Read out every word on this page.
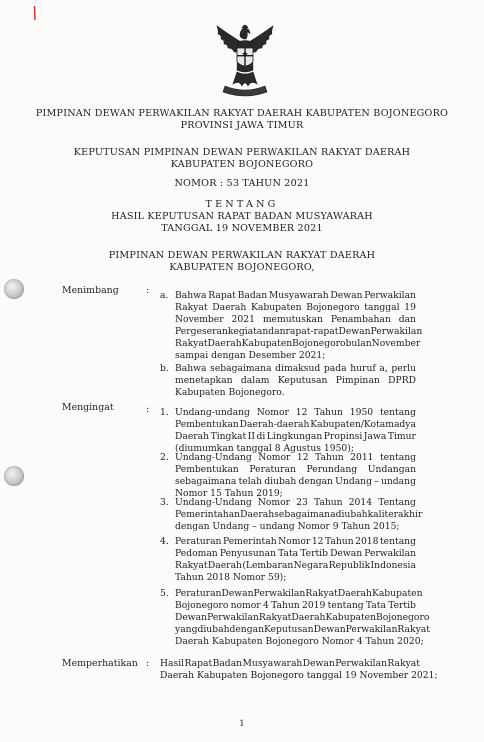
PIMPINAN DEWAN PERWAKILAN RAKYAT DAERAH KABUPATEN BOJONEGORO
PROVINSI JAWA TIMUR
KEPUTUSAN PIMPINAN DEWAN PERWAKILAN RAKYAT DAERAH
KABUPATEN BOJONEGORO
NOMOR : 53 TAHUN 2021
TENTANG
HASIL KEPUTUSAN RAPAT BADAN MUSYAWARAH
TANGGAL 19 NOVEMBER 2021
PIMPINAN DEWAN PERWAKILAN RAKYAT DAERAH
KABUPATEN BOJONEGORO,
Menimbang	: a. Bahwa Rapat Badan Musyawarah Dewan Perwakilan
Rakyat Daerah Kabupaten Bojonegoro tanggal 19
November 2021 memutuskan Penambahan dan
Pergeseran kegiatan dan rapat-rapat Dewan Perwakilan
Rakyat Daerah Kabupaten Bojonegoro bulan November
sampai dengan Desember 2021;
b. Bahwa sebagaimana dimaksud pada huruf a, perlu
menetapkan dalam Keputusan Pimpinan DPRD
Kabupaten Bojonegoro.
Mengingat	: 1. Undang-undang Nomor 12 Tahun 1950 tentang
Pembentukan Daerah-daerah Kabupaten/Kotamadya
Daerah Tingkat II di Lingkungan Propinsi Jawa Timur
(diumumkan tanggal 8 Agustus 1950);
2. Undang-Undang Nomor 12 Tahun 2011 tentang
Pembentukan Peraturan Perundang Undangan
sebagaimana telah diubah dengan Undang – undang
Nomor 15 Tahun 2019;
3. Undang-Undang Nomor 23 Tahun 2014 Tentang
Pemerintahan Daerah sebagaimana diubah kali terakhir
dengan Undang – undang Nomor 9 Tahun 2015;
4. Peraturan Pemerintah Nomor 12 Tahun 2018 tentang
Pedoman Penyusunan Tata Tertib Dewan Perwakilan
Rakyat Daerah (Lembaran Negara Republik Indonesia
Tahun 2018 Nomor 59);
5. Peraturan Dewan Perwakilan Rakyat Daerah Kabupaten
Bojonegoro nomor 4 Tahun 2019 tentang Tata Tertib
Dewan Perwakilan Rakyat Daerah Kabupaten Bojonegoro
yang diubah dengan Keputusan Dewan Perwakilan Rakyat
Daerah Kabupaten Bojonegoro Nomor 4 Tahun 2020;
Memperhatikan : Hasil Rapat Badan Musyawarah Dewan Perwakilan Rakyat
Daerah Kabupaten Bojonegoro tanggal 19 November 2021;
1
